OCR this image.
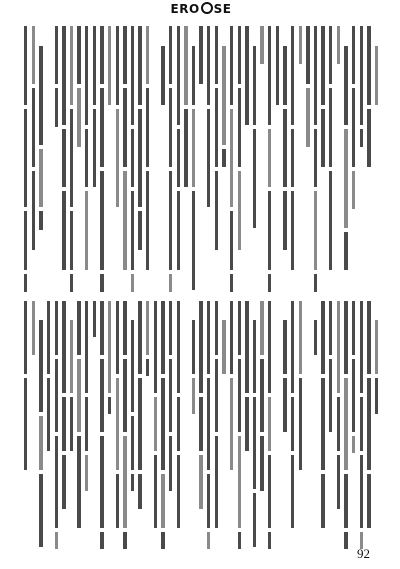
ERO SE
92
